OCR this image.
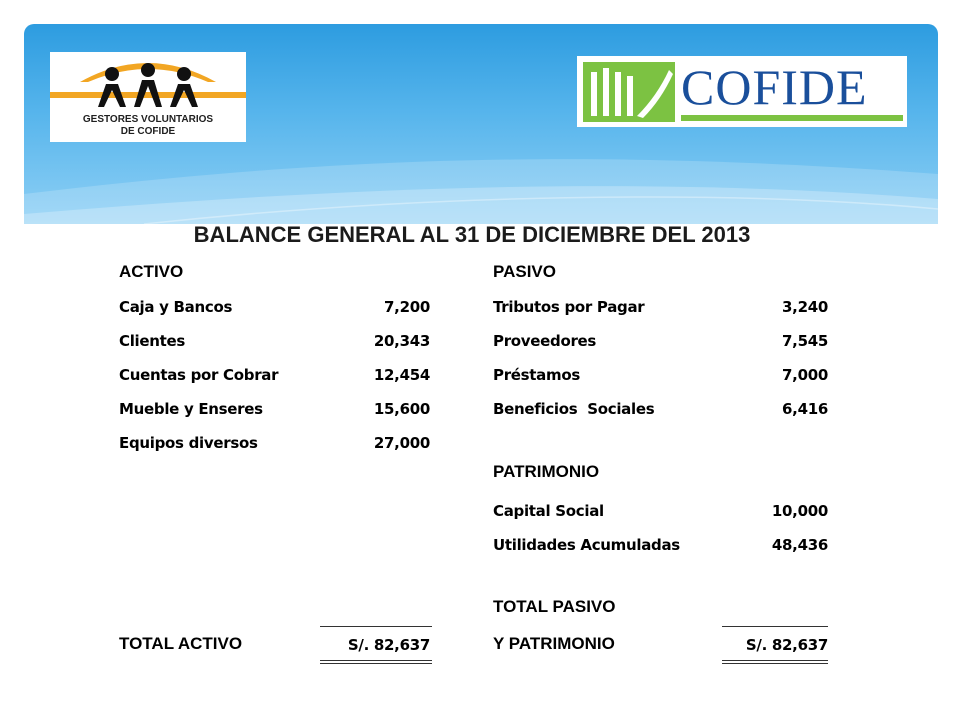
GESTORES VOLUNTARIOS
DE COFIDE
COFIDE
BALANCE GENERAL AL 31 DE DICIEMBRE DEL 2013
ACTIVO
Caja y Bancos	7,200
Clientes	20,343
Cuentas por Cobrar	12,454
Mueble y Enseres	15,600
Equipos diversos	27,000
PASIVO
Tributos por Pagar	3,240
Proveedores	7,545
Préstamos	7,000
Beneficios  Sociales	6,416
PATRIMONIO
Capital Social	10,000
Utilidades Acumuladas	48,436
TOTAL ACTIVO	S/. 82,637
TOTAL PASIVO
Y PATRIMONIO	S/. 82,637
